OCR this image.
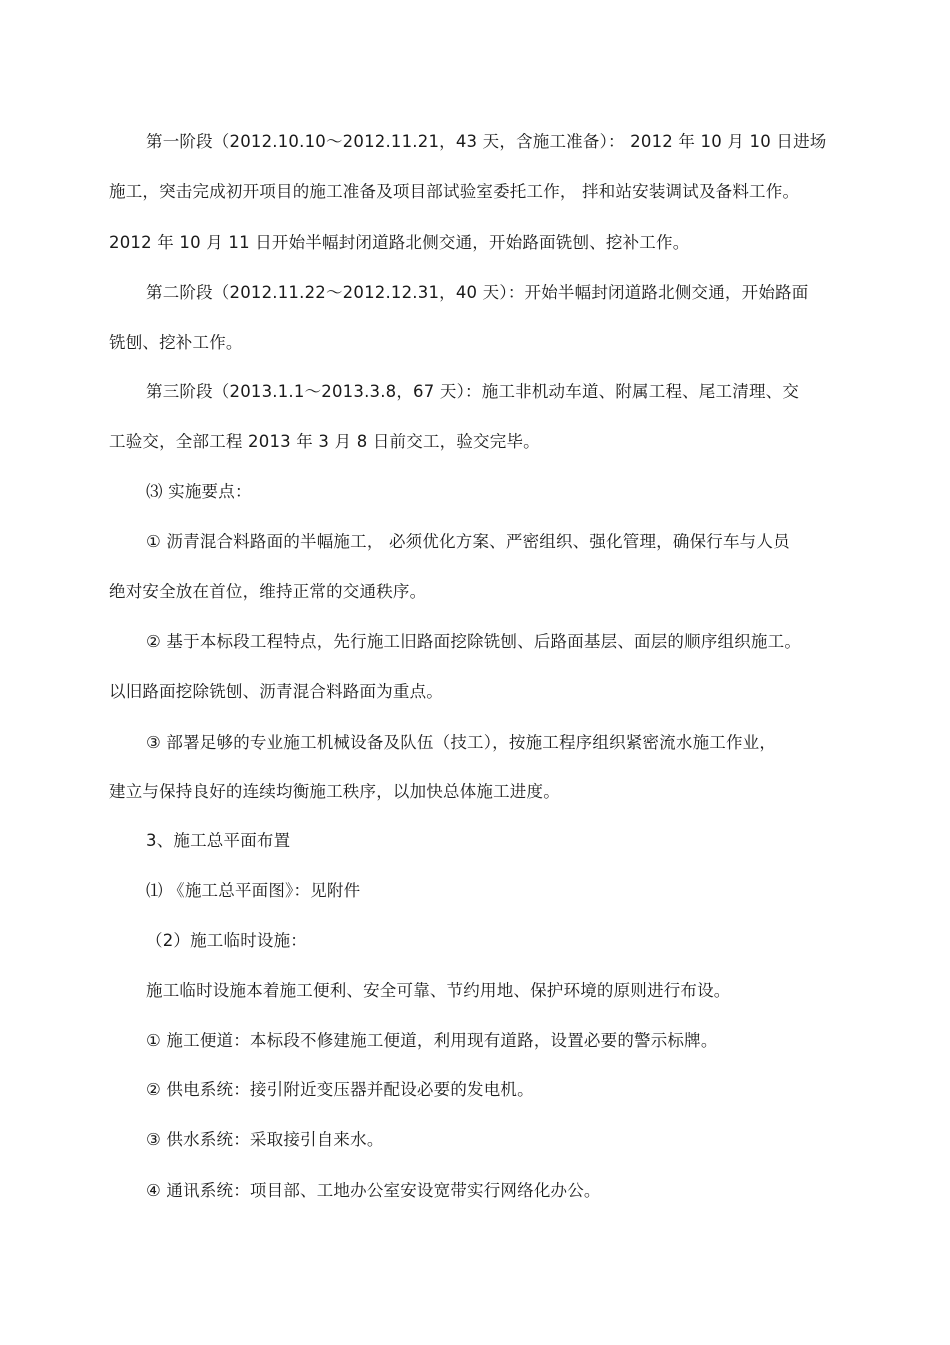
第一阶段（2012.10.10～2012.11.21，43 天，含施工准备）： 2012 年 10 月 10 日进场
施工，突击完成初开项目的施工准备及项目部试验室委托工作， 拌和站安装调试及备料工作。
2012 年 10 月 11 日开始半幅封闭道路北侧交通，开始路面铣刨、挖补工作。
第二阶段（2012.11.22～2012.12.31，40 天）：开始半幅封闭道路北侧交通，开始路面
铣刨、挖补工作。
第三阶段（2013.1.1～2013.3.8，67 天）：施工非机动车道、附属工程、尾工清理、交
工验交，全部工程 2013 年 3 月 8 日前交工，验交完毕。
⑶ 实施要点：
① 沥青混合料路面的半幅施工， 必须优化方案、严密组织、强化管理，确保行车与人员
绝对安全放在首位，维持正常的交通秩序。
② 基于本标段工程特点，先行施工旧路面挖除铣刨、后路面基层、面层的顺序组织施工。
以旧路面挖除铣刨、沥青混合料路面为重点。
③ 部署足够的专业施工机械设备及队伍（技工），按施工程序组织紧密流水施工作业，
建立与保持良好的连续均衡施工秩序，以加快总体施工进度。
3、施工总平面布置
⑴ 《施工总平面图》：见附件
（2）施工临时设施：
施工临时设施本着施工便利、安全可靠、节约用地、保护环境的原则进行布设。
① 施工便道：本标段不修建施工便道，利用现有道路，设置必要的警示标牌。
② 供电系统：接引附近变压器并配设必要的发电机。
③ 供水系统：采取接引自来水。
④ 通讯系统：项目部、工地办公室安设宽带实行网络化办公。
